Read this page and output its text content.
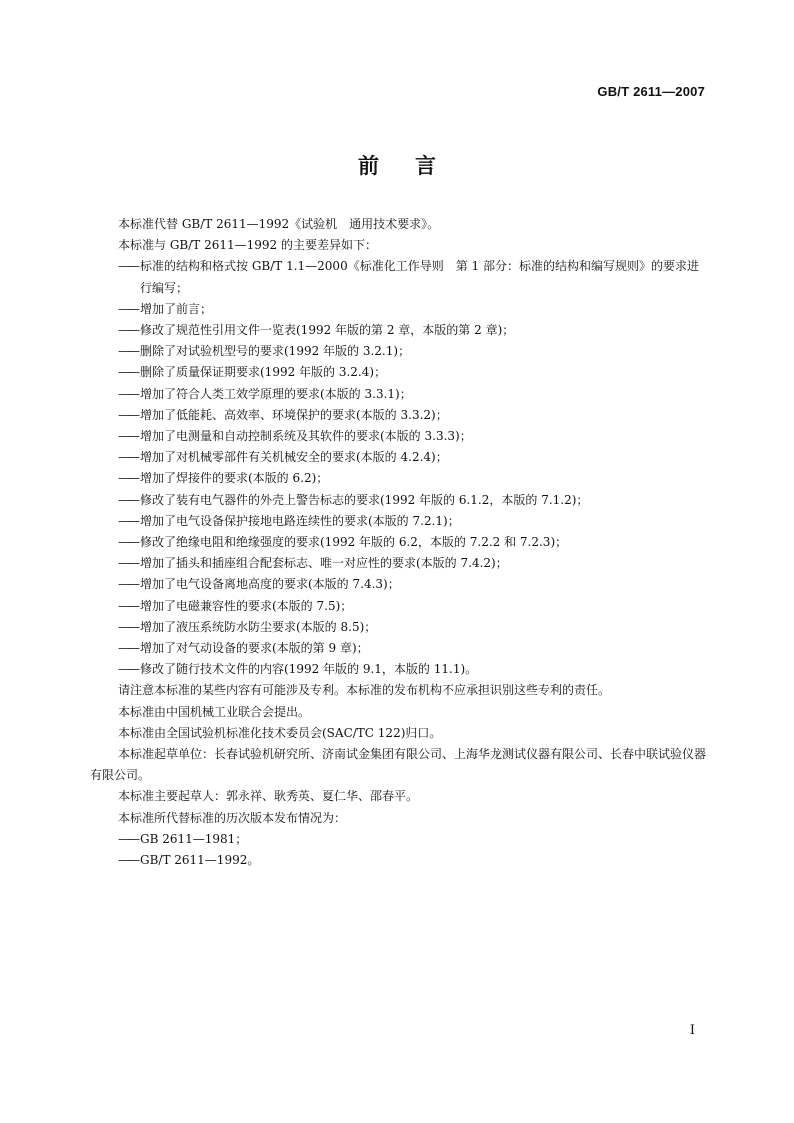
GB/T 2611—2007
前言

本标准代替 GB/T 2611—1992《试验机　通用技术要求》。

本标准与 GB/T 2611—1992 的主要差异如下：

—— 标准的结构和格式按 GB/T 1.1—2000《标准化工作导则　第 1 部分：标准的结构和编写规则》的要求进行编写；
—— 增加了前言；
—— 修改了规范性引用文件一览表(1992 年版的第 2 章，本版的第 2 章)；
—— 删除了对试验机型号的要求(1992 年版的 3.2.1)；
—— 删除了质量保证期要求(1992 年版的 3.2.4)；
—— 增加了符合人类工效学原理的要求(本版的 3.3.1)；
—— 增加了低能耗、高效率、环境保护的要求(本版的 3.3.2)；
—— 增加了电测量和自动控制系统及其软件的要求(本版的 3.3.3)；
—— 增加了对机械零部件有关机械安全的要求(本版的 4.2.4)；
—— 增加了焊接件的要求(本版的 6.2)；
—— 修改了装有电气器件的外壳上警告标志的要求(1992 年版的 6.1.2，本版的 7.1.2)；
—— 增加了电气设备保护接地电路连续性的要求(本版的 7.2.1)；
—— 修改了绝缘电阻和绝缘强度的要求(1992 年版的 6.2，本版的 7.2.2 和 7.2.3)；
—— 增加了插头和插座组合配套标志、唯一对应性的要求(本版的 7.4.2)；
—— 增加了电气设备离地高度的要求(本版的 7.4.3)；
—— 增加了电磁兼容性的要求(本版的 7.5)；
—— 增加了液压系统防水防尘要求(本版的 8.5)；
—— 增加了对气动设备的要求(本版的第 9 章)；
—— 修改了随行技术文件的内容(1992 年版的 9.1，本版的 11.1)。

请注意本标准的某些内容有可能涉及专利。本标准的发布机构不应承担识别这些专利的责任。

本标准由中国机械工业联合会提出。

本标准由全国试验机标准化技术委员会(SAC/TC 122)归口。

本标准起草单位：长春试验机研究所、济南试金集团有限公司、上海华龙测试仪器有限公司、长春中联试验仪器有限公司。

本标准主要起草人：郭永祥、耿秀英、夏仁华、邵春平。

本标准所代替标准的历次版本发布情况为：

—— GB 2611—1981；
—— GB/T 2611—1992。
I
